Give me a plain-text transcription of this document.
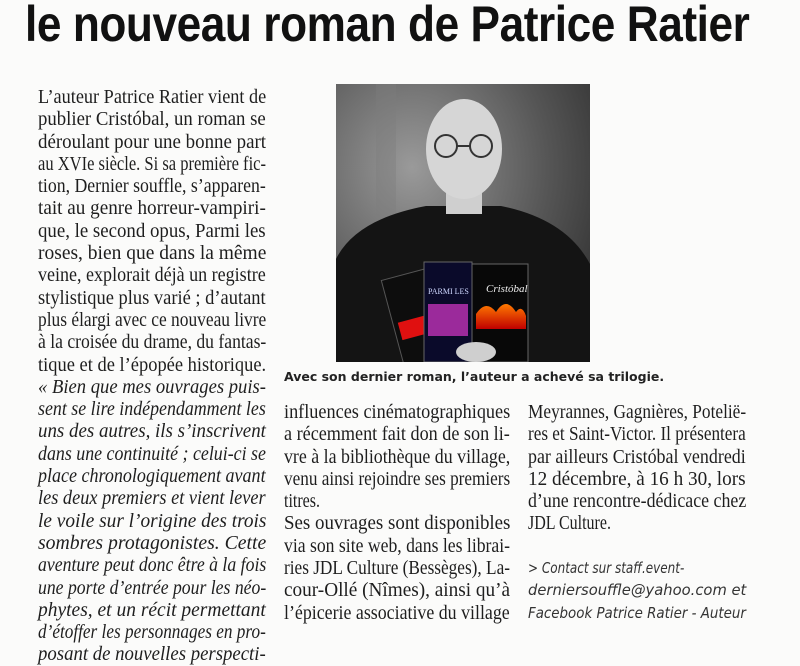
le nouveau roman de Patrice Ratier
L’auteur Patrice Ratier vient de
publier Cristóbal, un roman se
déroulant pour une bonne part
au XVIe siècle. Si sa première fic-
tion, Dernier souffle, s’apparen-
tait au genre horreur-vampiri-
que, le second opus, Parmi les
roses, bien que dans la même
veine, explorait déjà un registre
stylistique plus varié ; d’autant
plus élargi avec ce nouveau livre
à la croisée du drame, du fantas-
tique et de l’épopée historique.
« Bien que mes ouvrages puis-
sent se lire indépendamment les
uns des autres, ils s’inscrivent
dans une continuité ; celui-ci se
place chronologiquement avant
les deux premiers et vient lever
le voile sur l’origine des trois
sombres protagonistes. Cette
aventure peut donc être à la fois
une porte d’entrée pour les néo-
phytes, et un récit permettant
d’étoffer les personnages en pro-
posant de nouvelles perspecti-
PARMI LES Cristóbal
Avec son dernier roman, l’auteur a achevé sa trilogie.
influences cinématographiques
a récemment fait don de son li-
vre à la bibliothèque du village,
venu ainsi rejoindre ses premiers
titres.
Ses ouvrages sont disponibles
via son site web, dans les librai-
ries JDL Culture (Bessèges), La-
cour-Ollé (Nîmes), ainsi qu’à
l’épicerie associative du village
Meyrannes, Gagnières, Potelië-
res et Saint-Victor. Il présentera
par ailleurs Cristóbal vendredi
12 décembre, à 16 h 30, lors
d’une rencontre-dédicace chez
JDL Culture.
> Contact sur staff.event-
derniersouffle@yahoo.com et
Facebook Patrice Ratier - Auteur
